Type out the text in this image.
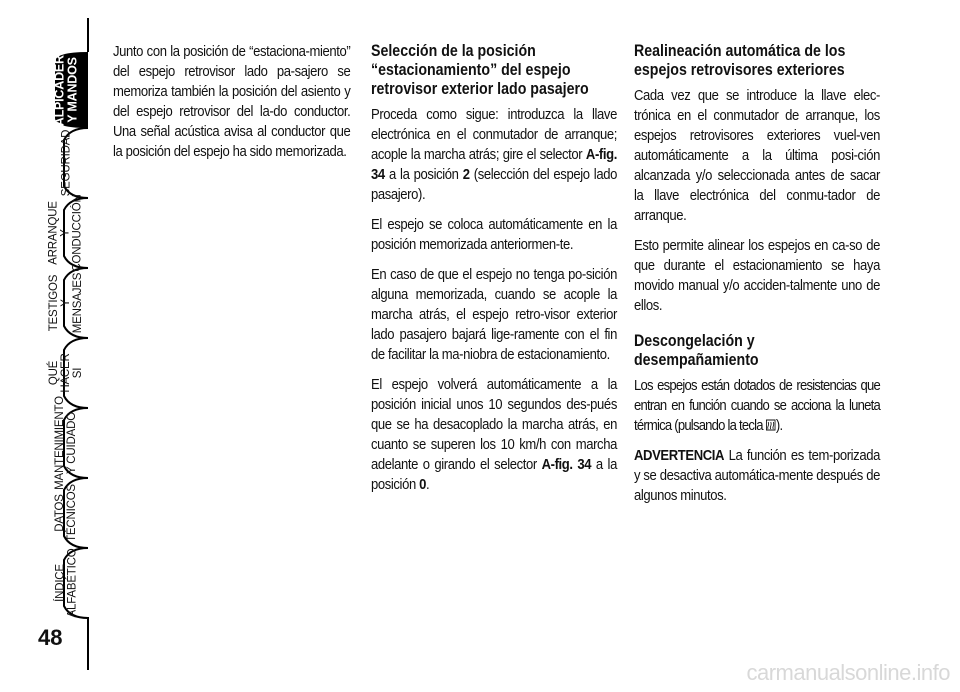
SALPICADERO
Y MANDOS
SEGURIDAD
ARRANQUE
Y CONDUCCIÓN
TESTIGOS
Y MENSAJES
QUÉ
HACER SI
MANTENIMIENTO
Y CUIDADO
DATOS
TÉCNICOS
ÍNDICE
ALFABÉTICO
48

Junto con la posición de “estaciona-miento” del espejo retrovisor lado pa-sajero se memoriza también la posición del asiento y del espejo retrovisor del la-do conductor. Una señal acústica avisa al conductor que la posición del espejo ha sido memorizada.

Selección de la posición “estacionamiento” del espejo retrovisor exterior lado pasajero

Proceda como sigue: introduzca la llave electrónica en el conmutador de arranque; acople la marcha atrás; gire el selector A-fig. 34 a la posición 2 (selección del espejo lado pasajero).

El espejo se coloca automáticamente en la posición memorizada anteriormen-te.

En caso de que el espejo no tenga po-sición alguna memorizada, cuando se acople la marcha atrás, el espejo retro-visor exterior lado pasajero bajará lige-ramente con el fin de facilitar la ma-niobra de estacionamiento.

El espejo volverá automáticamente a la posición inicial unos 10 segundos des-pués que se ha desacoplado la marcha atrás, en cuanto se superen los 10 km/h con marcha adelante o girando el selector A-fig. 34 a la posición 0.

Realineación automática de los espejos retrovisores exteriores

Cada vez que se introduce la llave elec-trónica en el conmutador de arranque, los espejos retrovisores exteriores vuel-ven automáticamente a la última posi-ción alcanzada y/o seleccionada antes de sacar la llave electrónica del conmu-tador de arranque.

Esto permite alinear los espejos en ca-so de que durante el estacionamiento se haya movido manual y/o acciden-talmente uno de ellos.

Descongelación y desempañamiento

Los espejos están dotados de resistencias que entran en función cuando se acciona la luneta térmica (pulsando la tecla ).

ADVERTENCIA La función es tem-porizada y se desactiva automática-mente después de algunos minutos.

carmanualsonline.info
